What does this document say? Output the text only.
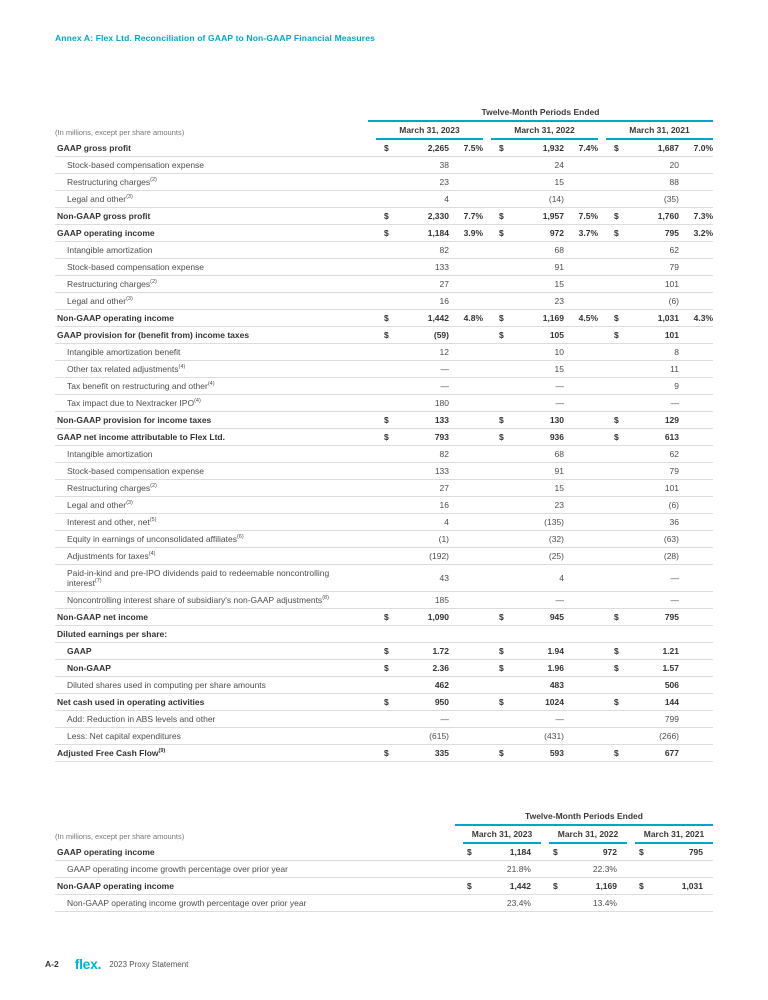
Annex A: Flex Ltd. Reconciliation of GAAP to Non-GAAP Financial Measures
Twelve-Month Periods Ended
(In millions, except per share amounts)	March 31, 2023	March 31, 2022	March 31, 2021
GAAP gross profit	$	2,265	7.5% $	1,932	7.4% $	1,687	7.0%
Stock-based compensation expense	38	24	20
Restructuring charges$^{(2)}$	23	15	88
Legal and other$^{(3)}$	4	(14)	(35)
Non-GAAP gross profit	$	2,330	7.7% $	1,957	7.5% $	1,760	7.3%
GAAP operating income	$	1,184	3.9% $	972	3.7% $	795	3.2%
Intangible amortization	82	68	62
Stock-based compensation expense	133	91	79
Restructuring charges$^{(2)}$	27	15	101
Legal and other$^{(3)}$	16	23	(6)
Non-GAAP operating income	$	1,442	4.8% $	1,169	4.5% $	1,031	4.3%
GAAP provision for (benefit from) income taxes	$	(59)	$	105	$	101
Intangible amortization benefit	12	10	8
Other tax related adjustments$^{(4)}$	—	15	11
Tax benefit on restructuring and other$^{(4)}$	—	—	9
Tax impact due to Nextracker IPO$^{(4)}$	180	—	—
Non-GAAP provision for income taxes	$	133	$	130	$	129
GAAP net income attributable to Flex Ltd.	$	793	$	936	$	613
Intangible amortization	82	68	62
Stock-based compensation expense	133	91	79
Restructuring charges$^{(2)}$	27	15	101
Legal and other$^{(3)}$	16	23	(6)
Interest and other, net$^{(5)}$	4	(135)	36
Equity in earnings of unconsolidated affiliates$^{(6)}$	(1)	(32)	(63)
Adjustments for taxes$^{(4)}$	(192)	(25)	(28)
Paid-in-kind and pre-IPO dividends paid to redeemable noncontrolling interest$^{(7)}$	43	4	—
Noncontrolling interest share of subsidiary's non-GAAP adjustments$^{(8)}$	185	—	—
Non-GAAP net income	$	1,090	$	945	$	795
Diluted earnings per share:
GAAP	$	1.72	$	1.94	$	1.21
Non-GAAP	$	2.36	$	1.96	$	1.57
Diluted shares used in computing per share amounts	462	483	506
Net cash used in operating activities	$	950	$	1024	$	144
Add: Reduction in ABS levels and other	—	—	799
Less: Net capital expenditures	(615)	(431)	(266)
Adjusted Free Cash Flow$^{(9)}$	$	335	$	593	$	677
Twelve-Month Periods Ended
(In millions, except per share amounts)	March 31, 2023	March 31, 2022	March 31, 2021
GAAP operating income	$	1,184	$	972	$	795
GAAP operating income growth percentage over prior year	21.8%	22.3%
Non-GAAP operating income	$	1,442	$	1,169	$	1,031
Non-GAAP operating income growth percentage over prior year	23.4%	13.4%
A-2 flex. 2023 Proxy Statement
